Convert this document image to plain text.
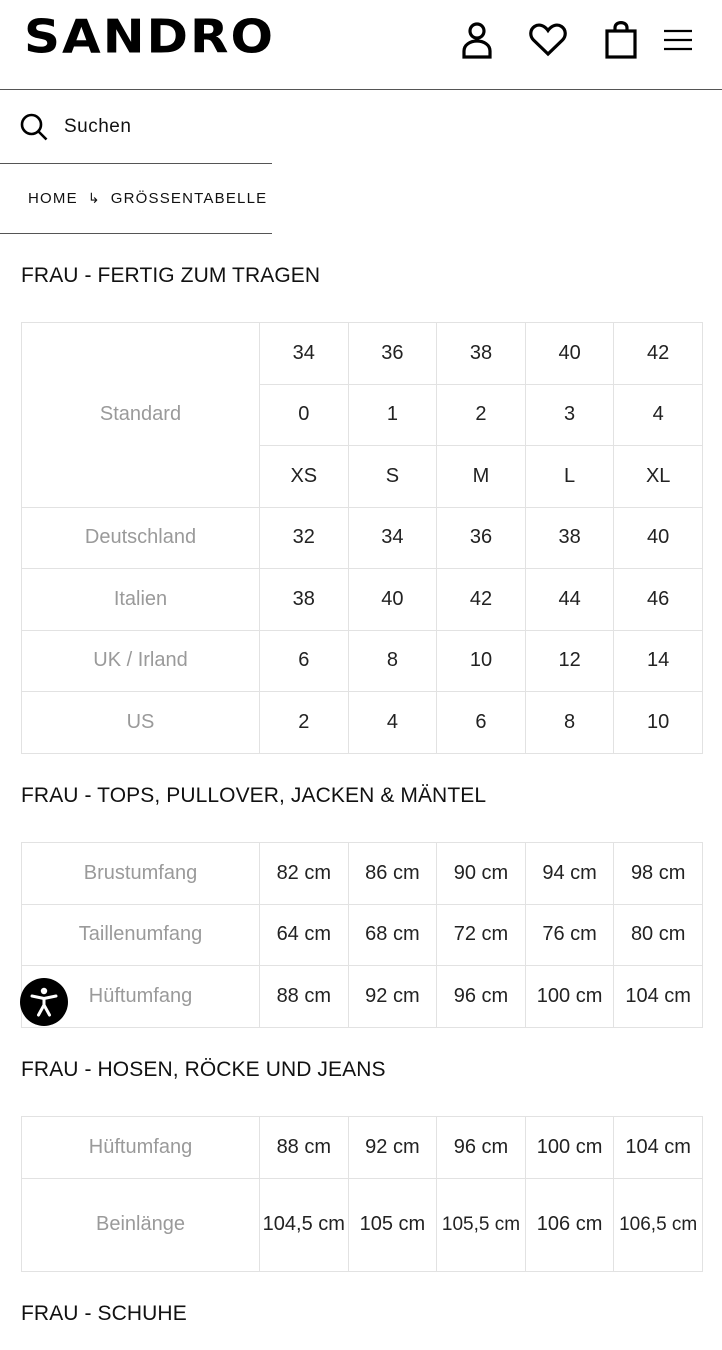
SANDRO
Suchen
HOME ↳ GRÖSSENTABELLE
FRAU - FERTIG ZUM TRAGEN
Standard	34	36	38	40	42
	0	1	2	3	4
	XS	S	M	L	XL
Deutschland	32	34	36	38	40
Italien	38	40	42	44	46
UK / Irland	6	8	10	12	14
US	2	4	6	8	10
FRAU - TOPS, PULLOVER, JACKEN & MÄNTEL
Brustumfang	82 cm	86 cm	90 cm	94 cm	98 cm
Taillenumfang	64 cm	68 cm	72 cm	76 cm	80 cm
Hüftumfang	88 cm	92 cm	96 cm	100 cm	104 cm
FRAU - HOSEN, RÖCKE UND JEANS
Hüftumfang	88 cm	92 cm	96 cm	100 cm	104 cm
Beinlänge	104,5 cm	105 cm	105,5 cm	106 cm	106,5 cm
FRAU - SCHUHE
